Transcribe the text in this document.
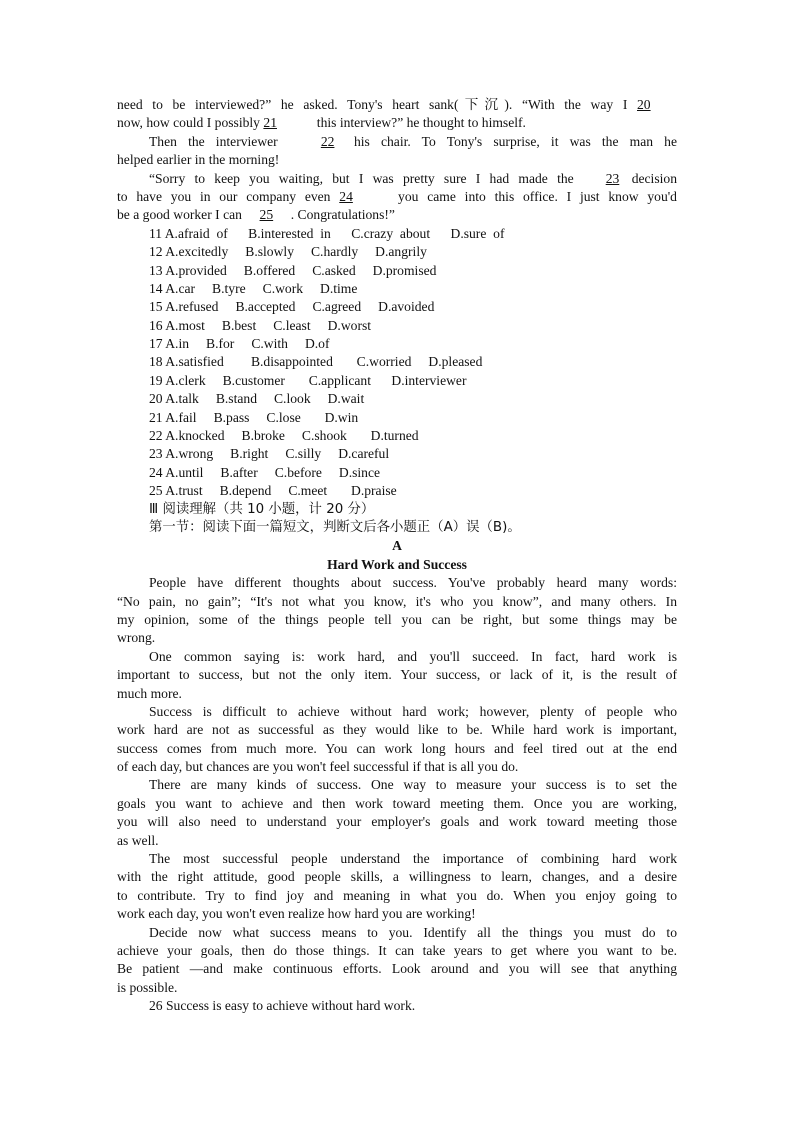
need to be interviewed?” he asked. Tony's heart sank(下沉). “With the way I 20
now, how could I possibly 21	this interview?” he thought to himself.
Then the interviewer 22 his chair. To Tony's surprise, it was the man he
helped earlier in the morning!
“Sorry to keep you waiting, but I was pretty sure I had made the 23 decision
to have you in our company even 24	you came into this office. I just know you'd
be a good worker I can 25 . Congratulations!”
11 A.afraid  of      B.interested  in      C.crazy  about      D.sure  of
12 A.excitedly     B.slowly     C.hardly     D.angrily
13 A.provided     B.offered     C.asked     D.promised
14 A.car     B.tyre     C.work     D.time
15 A.refused     B.accepted     C.agreed     D.avoided
16 A.most     B.best     C.least     D.worst
17 A.in     B.for     C.with     D.of
18 A.satisfied        B.disappointed       C.worried     D.pleased
19 A.clerk     B.customer       C.applicant      D.interviewer
20 A.talk     B.stand     C.look     D.wait
21 A.fail     B.pass     C.lose       D.win
22 A.knocked     B.broke     C.shook       D.turned
23 A.wrong     B.right     C.silly     D.careful
24 A.until     B.after     C.before     D.since
25 A.trust     B.depend     C.meet       D.praise
Ⅲ 阅读理解（共 10 小题，计 20 分）
第一节：阅读下面一篇短文，判断文后各小题正（A）误（B)。
A
Hard Work and Success
People have different thoughts about success. You've probably heard many words:
“No pain, no gain”; “It's not what you know, it's who you know”, and many others. In
my opinion, some of the things people tell you can be right, but some things may be
wrong.
One common saying is: work hard, and you'll succeed. In fact, hard work is
important to success, but not the only item. Your success, or lack of it, is the result of
much more.
Success is difficult to achieve without hard work; however, plenty of people who
work hard are not as successful as they would like to be. While hard work is important,
success comes from much more. You can work long hours and feel tired out at the end
of each day, but chances are you won't feel successful if that is all you do.
There are many kinds of success. One way to measure your success is to set the
goals you want to achieve and then work toward meeting them. Once you are working,
you will also need to understand your employer's goals and work toward meeting those
as well.
The most successful people understand the importance of combining hard work
with the right attitude, good people skills, a willingness to learn, changes, and a desire
to contribute. Try to find joy and meaning in what you do. When you enjoy going to
work each day, you won't even realize how hard you are working!
Decide now what success means to you. Identify all the things you must do to
achieve your goals, then do those things. It can take years to get where you want to be.
Be patient —and make continuous efforts. Look around and you will see that anything
is possible.
26 Success is easy to achieve without hard work.
